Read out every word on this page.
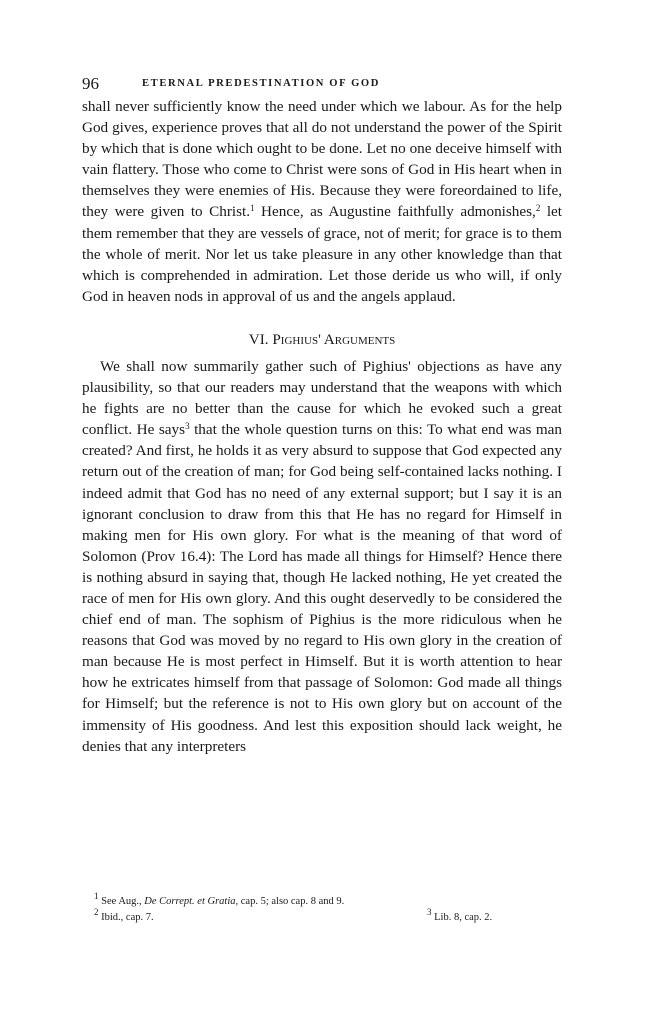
96	ETERNAL PREDESTINATION OF GOD

shall never sufficiently know the need under which we labour. As for the help God gives, experience proves that all do not understand the power of the Spirit by which that is done which ought to be done. Let no one deceive himself with vain flattery. Those who come to Christ were sons of God in His heart when in themselves they were enemies of His. Because they were foreordained to life, they were given to Christ.$^1$ Hence, as Augustine faithfully admonishes,$^2$ let them remember that they are vessels of grace, not of merit; for grace is to them the whole of merit. Nor let us take pleasure in any other knowledge than that which is comprehended in admiration. Let those deride us who will, if only God in heaven nods in approval of us and the angels applaud.

VI. Pighius' Arguments

We shall now summarily gather such of Pighius' objections as have any plausibility, so that our readers may understand that the weapons with which he fights are no better than the cause for which he evoked such a great conflict. He says$^3$ that the whole question turns on this: To what end was man created? And first, he holds it as very absurd to suppose that God expected any return out of the creation of man; for God being self-contained lacks nothing. I indeed admit that God has no need of any external support; but I say it is an ignorant conclusion to draw from this that He has no regard for Himself in making men for His own glory. For what is the meaning of that word of Solomon (Prov 16.4): The Lord has made all things for Himself? Hence there is nothing absurd in saying that, though He lacked nothing, He yet created the race of men for His own glory. And this ought deservedly to be considered the chief end of man. The sophism of Pighius is the more ridiculous when he reasons that God was moved by no regard to His own glory in the creation of man because He is most perfect in Himself. But it is worth attention to hear how he extricates himself from that passage of Solomon: God made all things for Himself; but the reference is not to His own glory but on account of the immensity of His goodness. And lest this exposition should lack weight, he denies that any interpreters

$^1$ See Aug., De Corrept. et Gratia, cap. 5; also cap. 8 and 9.
$^2$ Ibid., cap. 7.	$^3$ Lib. 8, cap. 2.
